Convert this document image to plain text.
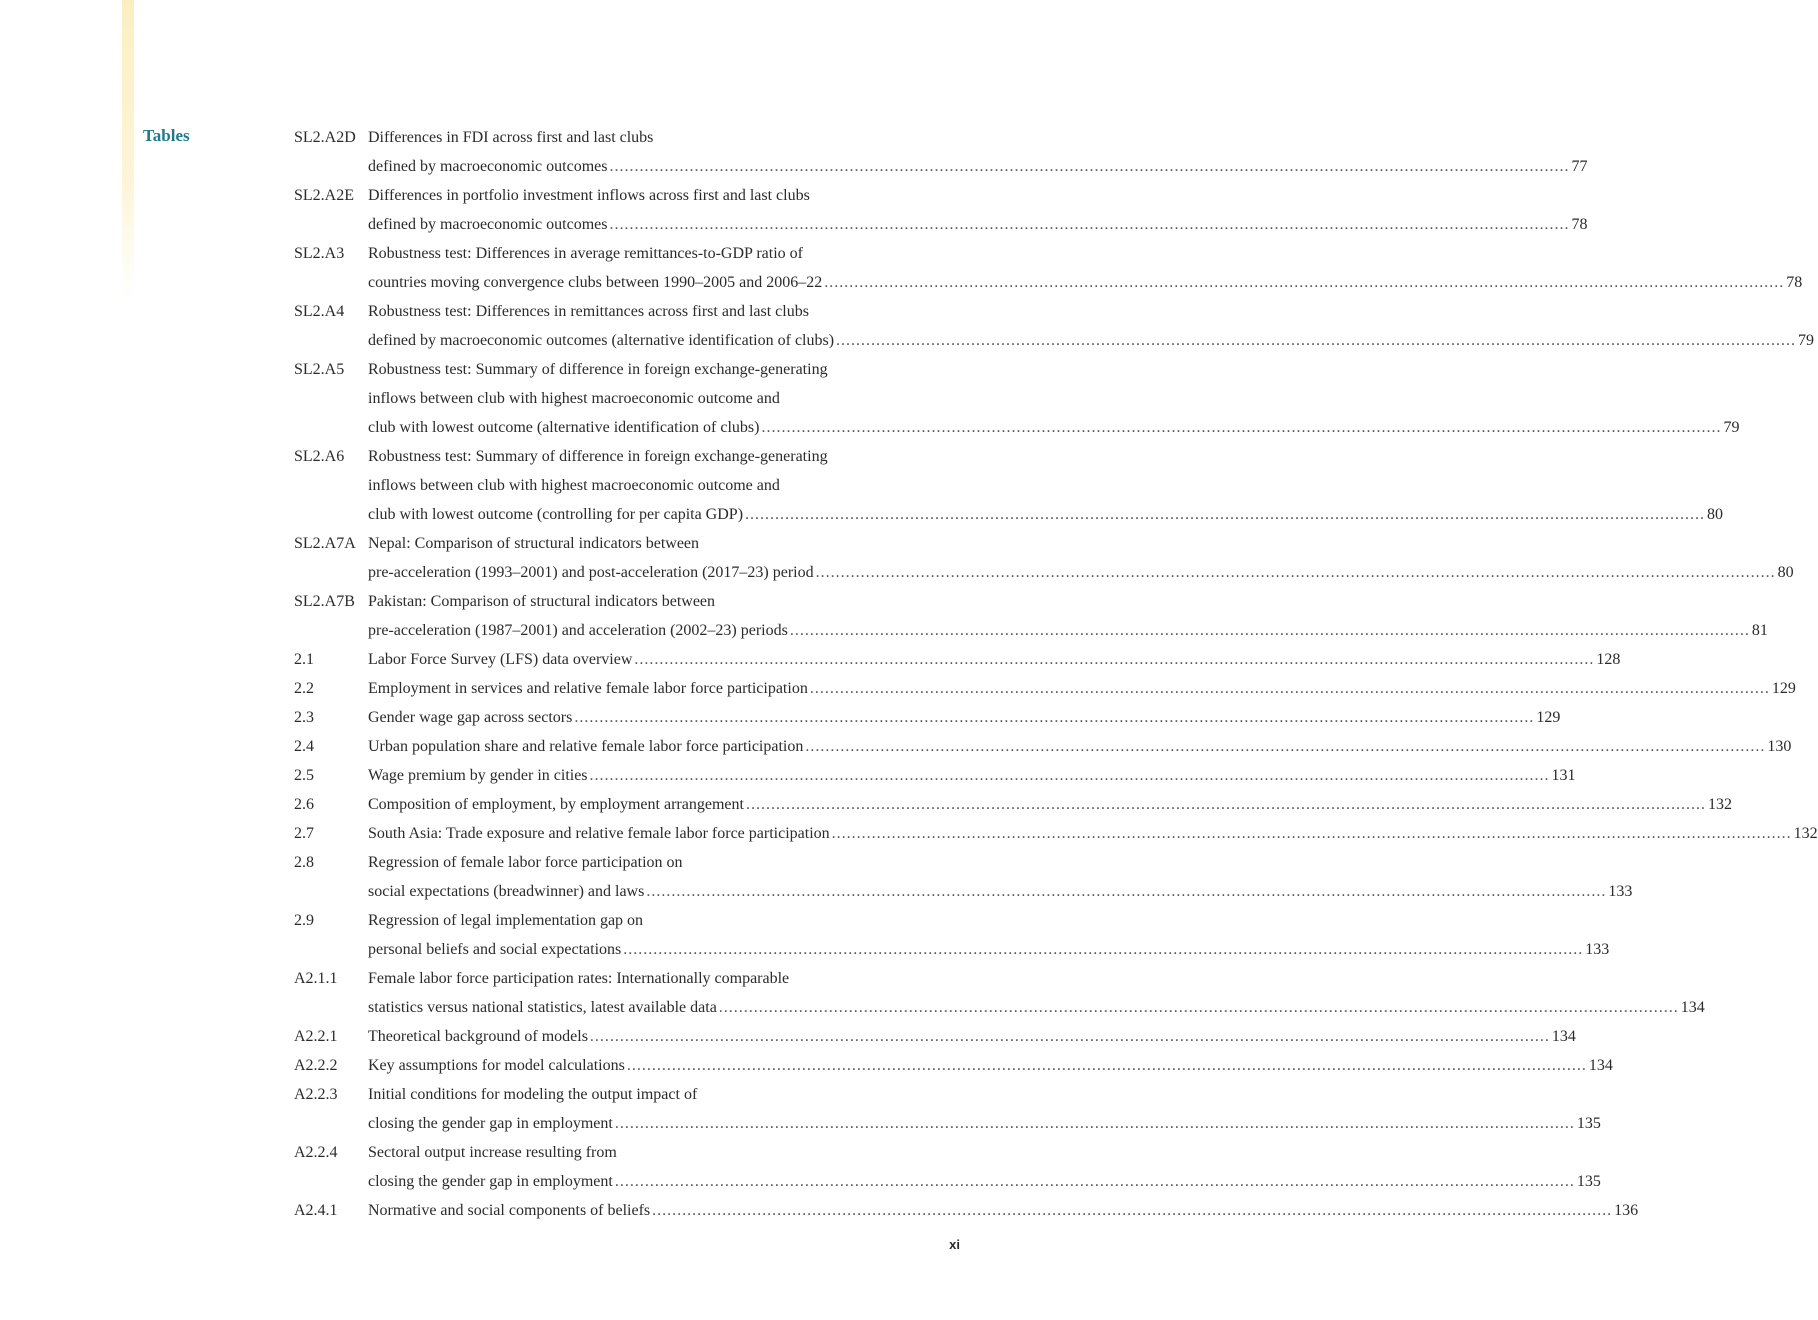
Tables	SL2.A2D Differences in FDI across first and last clubs
defined by macroeconomic outcomes ................................................................................................................................................................................................ 77
SL2.A2E Differences in portfolio investment inflows across first and last clubs
defined by macroeconomic outcomes ................................................................................................................................................................................................ 78
SL2.A3	Robustness test: Differences in average remittances-to-GDP ratio of
countries moving convergence clubs between 1990–2005 and 2006–22 ................................................................................................................................................................................................ 78
SL2.A4	Robustness test: Differences in remittances across first and last clubs
defined by macroeconomic outcomes (alternative identification of clubs) ................................................................................................................................................................................................ 79
SL2.A5	Robustness test: Summary of difference in foreign exchange-generating
inflows between club with highest macroeconomic outcome and
club with lowest outcome (alternative identification of clubs) ................................................................................................................................................................................................ 79
SL2.A6	Robustness test: Summary of difference in foreign exchange-generating
inflows between club with highest macroeconomic outcome and
club with lowest outcome (controlling for per capita GDP) ................................................................................................................................................................................................ 80
SL2.A7A Nepal: Comparison of structural indicators between
pre-acceleration (1993–2001) and post-acceleration (2017–23) period ................................................................................................................................................................................................ 80
SL2.A7B Pakistan: Comparison of structural indicators between
pre-acceleration (1987–2001) and acceleration (2002–23) periods ................................................................................................................................................................................................ 81
2.1	Labor Force Survey (LFS) data overview ................................................................................................................................................................................................ 128
2.2	Employment in services and relative female labor force participation ................................................................................................................................................................................................ 129
2.3	Gender wage gap across sectors ................................................................................................................................................................................................ 129
2.4	Urban population share and relative female labor force participation ................................................................................................................................................................................................ 130
2.5	Wage premium by gender in cities ................................................................................................................................................................................................ 131
2.6	Composition of employment, by employment arrangement ................................................................................................................................................................................................ 132
2.7	South Asia: Trade exposure and relative female labor force participation ................................................................................................................................................................................................ 132
2.8	Regression of female labor force participation on
social expectations (breadwinner) and laws ................................................................................................................................................................................................ 133
2.9	Regression of legal implementation gap on
personal beliefs and social expectations ................................................................................................................................................................................................ 133
A2.1.1	Female labor force participation rates: Internationally comparable
statistics versus national statistics, latest available data ................................................................................................................................................................................................ 134
A2.2.1	Theoretical background of models ................................................................................................................................................................................................ 134
A2.2.2	Key assumptions for model calculations ................................................................................................................................................................................................ 134
A2.2.3	Initial conditions for modeling the output impact of
closing the gender gap in employment ................................................................................................................................................................................................ 135
A2.2.4	Sectoral output increase resulting from
closing the gender gap in employment ................................................................................................................................................................................................ 135
A2.4.1	Normative and social components of beliefs ................................................................................................................................................................................................ 136
xi
